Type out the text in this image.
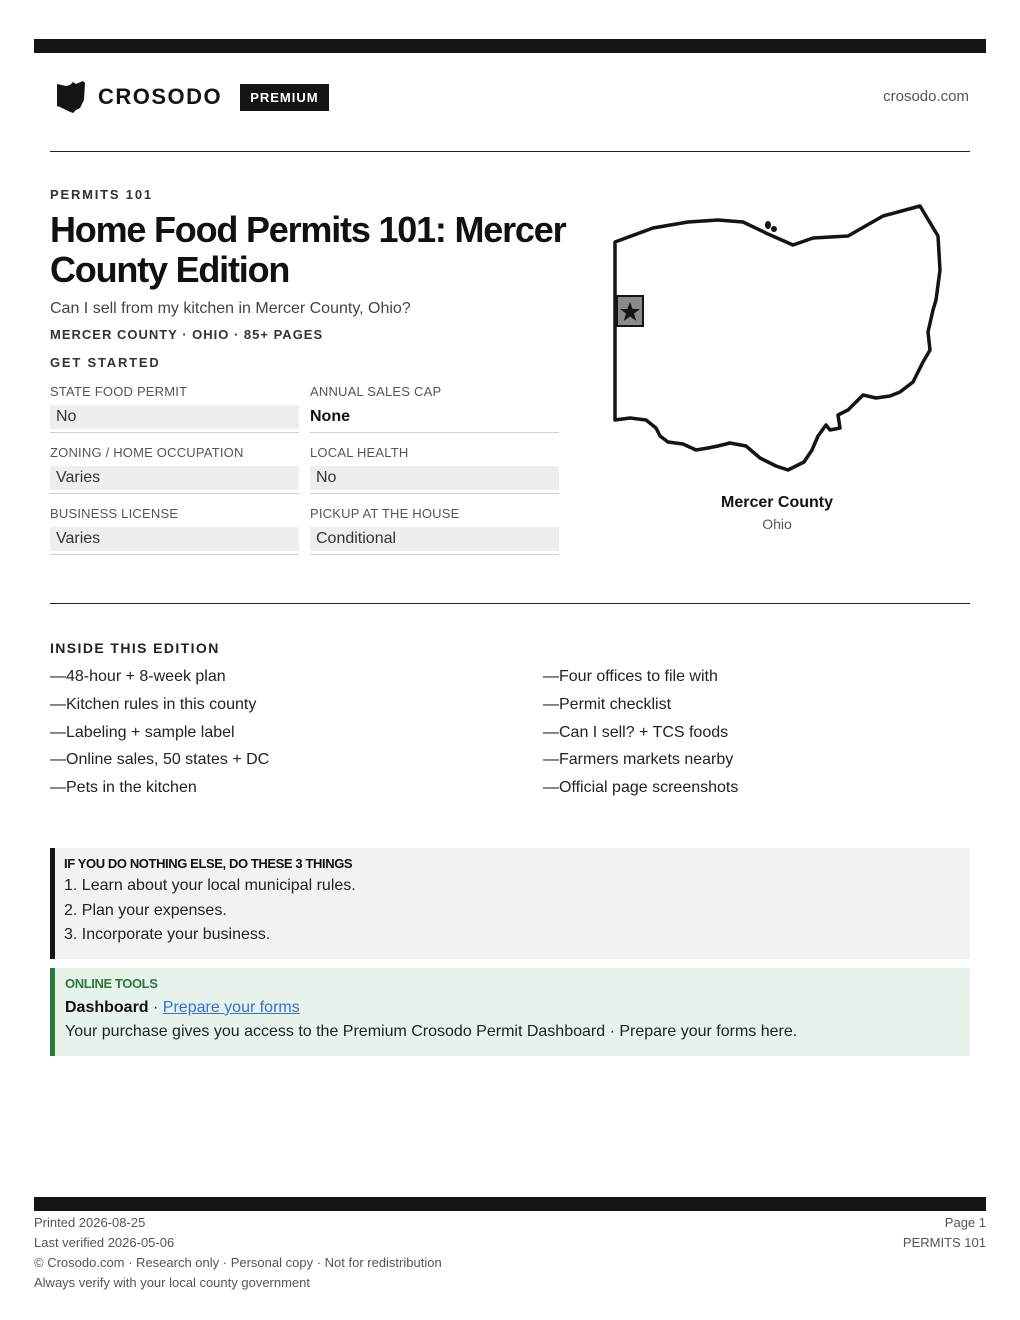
CROSODO	PREMIUM	crosodo.com
PERMITS 101
Home Food Permits 101: Mercer County Edition
Can I sell from my kitchen in Mercer County, Ohio?
MERCER COUNTY · OHIO · 85+ PAGES
GET STARTED
STATE FOOD PERMIT
No
ANNUAL SALES CAP
None
ZONING / HOME OCCUPATION
Varies
LOCAL HEALTH
No
BUSINESS LICENSE
Varies
PICKUP AT THE HOUSE
Conditional
Mercer County
Ohio
INSIDE THIS EDITION
—48-hour + 8-week plan
—Kitchen rules in this county
—Labeling + sample label
—Online sales, 50 states + DC
—Pets in the kitchen
—Four offices to file with
—Permit checklist
—Can I sell? + TCS foods
—Farmers markets nearby
—Official page screenshots
IF YOU DO NOTHING ELSE, DO THESE 3 THINGS
1. Learn about your local municipal rules.
2. Plan your expenses.
3. Incorporate your business.
ONLINE TOOLS
Dashboard · Prepare your forms
Your purchase gives you access to the Premium Crosodo Permit Dashboard · Prepare your forms here.
Printed 2026-08-25
Last verified 2026-05-06
© Crosodo.com · Research only · Personal copy · Not for redistribution
Always verify with your local county government
Page 1
PERMITS 101
